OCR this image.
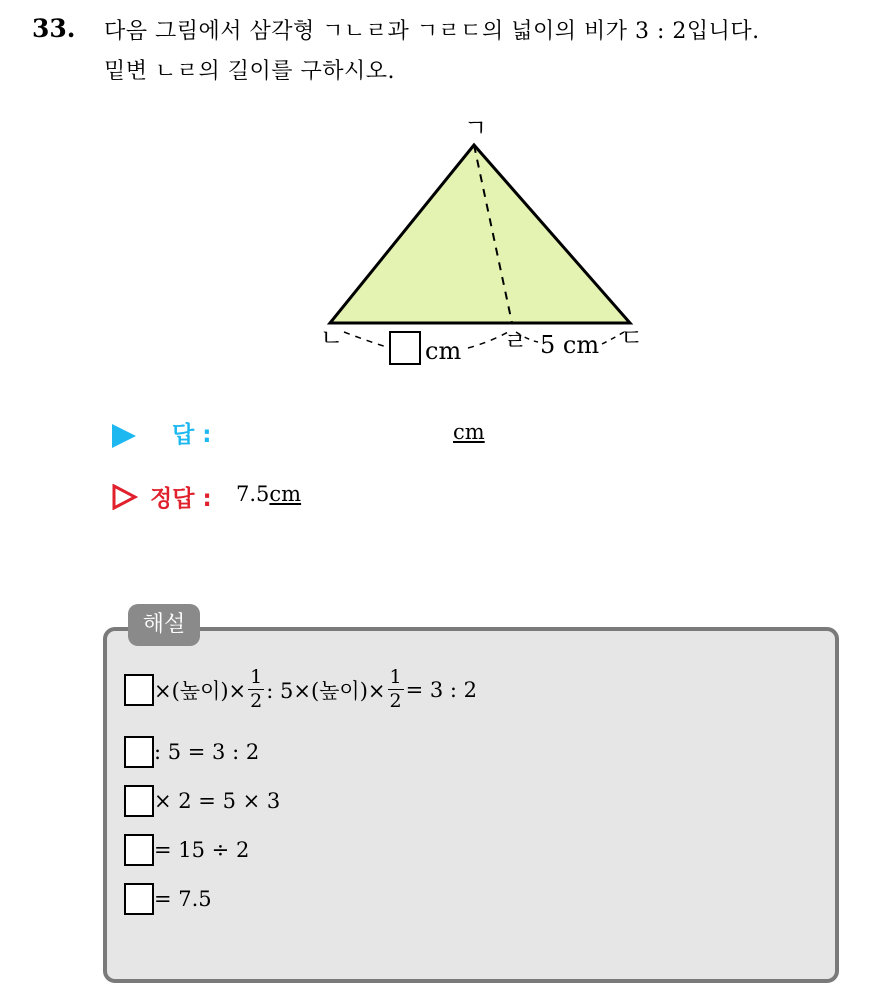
33. 다음 그림에서 삼각형 ㄱㄴㄹ과 ㄱㄹㄷ의 넓이의 비가 3 : 2입니다.
밑변 ㄴㄹ의 길이를 구하시오.
ㄱ
ㄴ	ㄹ	ㄷ
cm	5 cm
답 :	cm
정답 : 7.5cm
해설
×(높이)× $\frac{1}{2}$ : 5×(높이)× $\frac{1}{2} = 3$ : 2
: 5 = 3 : 2
× 2 = 5 × 3
= 15 ÷ 2
= 7.5
